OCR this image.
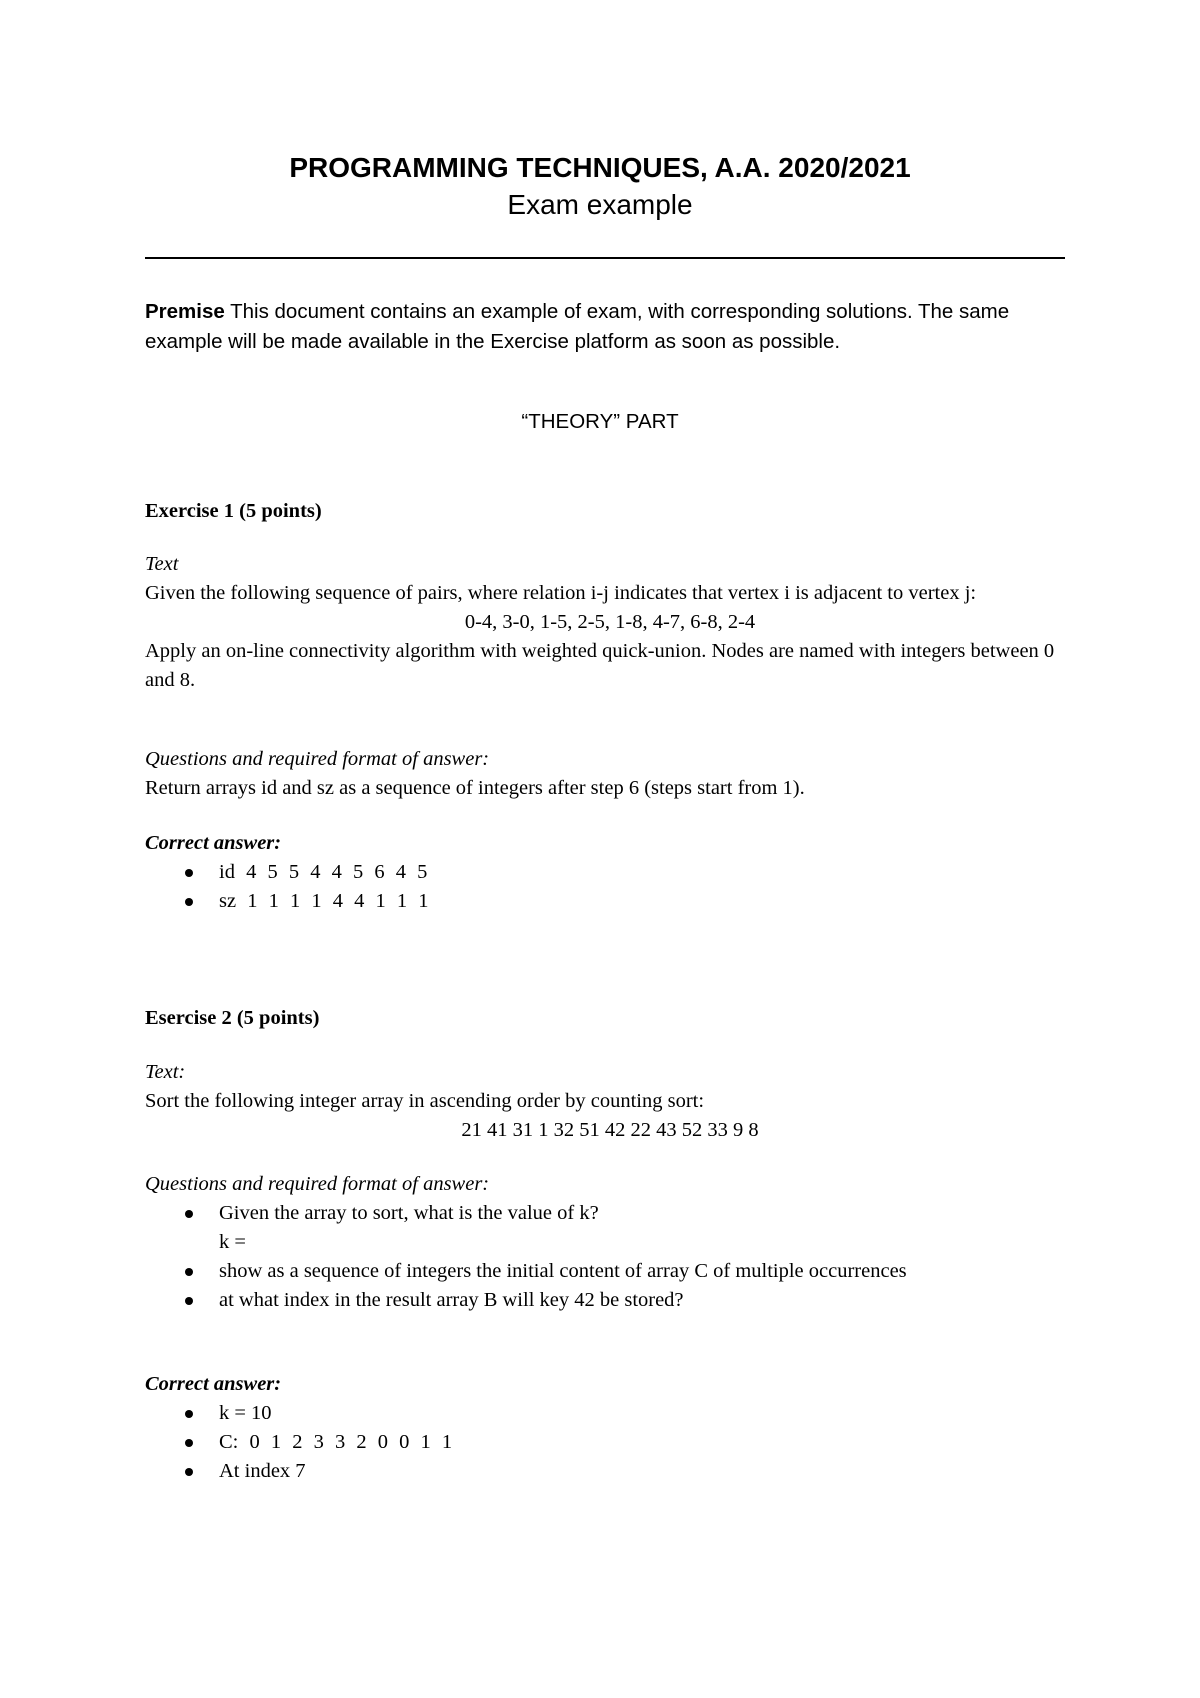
PROGRAMMING TECHNIQUES, A.A. 2020/2021
Exam example
Premise This document contains an example of exam, with corresponding solutions. The same example will be made available in the Exercise platform as soon as possible.
“THEORY” PART
Exercise 1 (5 points)
Text
Given the following sequence of pairs, where relation i-j indicates that vertex i is adjacent to vertex j:
0-4, 3-0, 1-5, 2-5, 1-8, 4-7, 6-8, 2-4
Apply an on-line connectivity algorithm with weighted quick-union. Nodes are named with integers between 0 and 8.
Questions and required format of answer:
Return arrays id and sz as a sequence of integers after step 6 (steps start from 1).
Correct answer:
id 4 5 5 4 4 5 6 4 5
sz 1 1 1 1 4 4 1 1 1
Esercise 2 (5 points)
Text:
Sort the following integer array in ascending order by counting sort:
21 41 31 1 32 51 42 22 43 52 33 9 8
Questions and required format of answer:
Given the array to sort, what is the value of k?
k =
show as a sequence of integers the initial content of array C of multiple occurrences
at what index in the result array B will key 42 be stored?
Correct answer:
k = 10
C: 0 1 2 3 3 2 0 0 1 1
At index 7
